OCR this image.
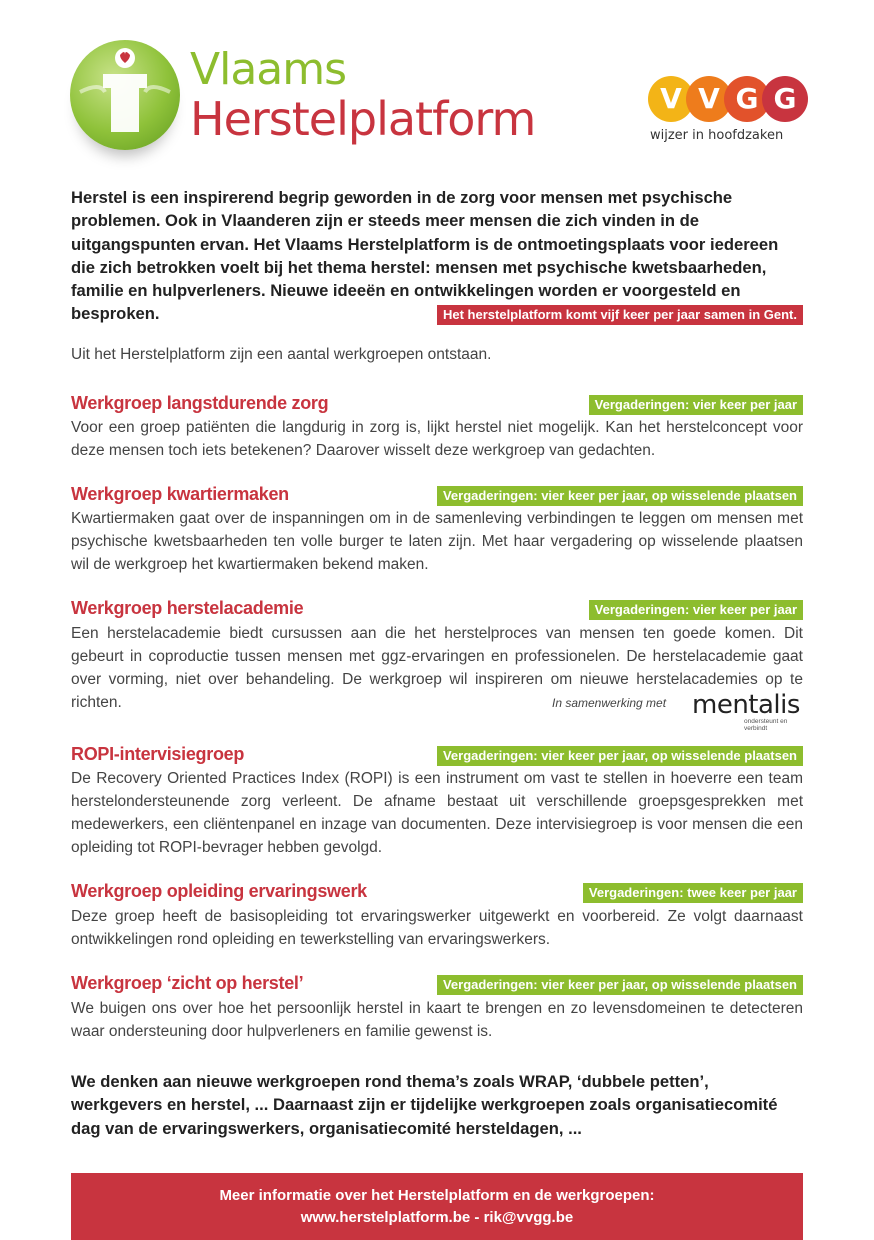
Vlaams
Herstelplatform	V V G G
wijzer in hoofdzaken
Herstel is een inspirerend begrip geworden in de zorg voor mensen met psychische problemen. Ook in Vlaanderen zijn er steeds meer mensen die zich vinden in de uitgangspunten ervan. Het Vlaams Herstelplatform is de ontmoetingsplaats voor iedereen die zich betrokken voelt bij het thema herstel: mensen met psychische kwetsbaarheden, familie en hulpverleners. Nieuwe ideeën en ontwikkelingen worden er voorgesteld en besproken.	Het herstelplatform komt vijf keer per jaar samen in Gent.
Uit het Herstelplatform zijn een aantal werkgroepen ontstaan.
Werkgroep langstdurende zorg	Vergaderingen: vier keer per jaar
Voor een groep patiënten die langdurig in zorg is, lijkt herstel niet mogelijk. Kan het herstelconcept voor deze mensen toch iets betekenen? Daarover wisselt deze werkgroep van gedachten.
Werkgroep kwartiermaken	Vergaderingen: vier keer per jaar, op wisselende plaatsen
Kwartiermaken gaat over de inspanningen om in de samenleving verbindingen te leggen om mensen met psychische kwetsbaarheden ten volle burger te laten zijn. Met haar vergadering op wisselende plaatsen wil de werkgroep het kwartiermaken bekend maken.
Werkgroep herstelacademie	Vergaderingen: vier keer per jaar
Een herstelacademie biedt cursussen aan die het herstelproces van mensen ten goede komen. Dit gebeurt in coproductie tussen mensen met ggz-ervaringen en professionelen. De herstelacademie gaat over vorming, niet over behandeling. De werkgroep wil inspireren om nieuwe herstelacademies op te richten.	In samenwerking met mentalis
ondersteunt en verbindt
ROPI-intervisiegroep	Vergaderingen: vier keer per jaar, op wisselende plaatsen
De Recovery Oriented Practices Index (ROPI) is een instrument om vast te stellen in hoeverre een team herstelondersteunende zorg verleent. De afname bestaat uit verschillende groepsgesprekken met medewerkers, een cliëntenpanel en inzage van documenten. Deze intervisiegroep is voor mensen die een opleiding tot ROPI-bevrager hebben gevolgd.
Werkgroep opleiding ervaringswerk	Vergaderingen: twee keer per jaar
Deze groep heeft de basisopleiding tot ervaringswerker uitgewerkt en voorbereid. Ze volgt daarnaast ontwikkelingen rond opleiding en tewerkstelling van ervaringswerkers.
Werkgroep ‘zicht op herstel’	Vergaderingen: vier keer per jaar, op wisselende plaatsen
We buigen ons over hoe het persoonlijk herstel in kaart te brengen en zo levensdomeinen te detecteren waar ondersteuning door hulpverleners en familie gewenst is.
We denken aan nieuwe werkgroepen rond thema’s zoals WRAP, ‘dubbele petten’, werkgevers en herstel, ... Daarnaast zijn er tijdelijke werkgroepen zoals organisatiecomité dag van de ervaringswerkers, organisatiecomité hersteldagen, ...
Meer informatie over het Herstelplatform en de werkgroepen:
www.herstelplatform.be - rik@vvgg.be
